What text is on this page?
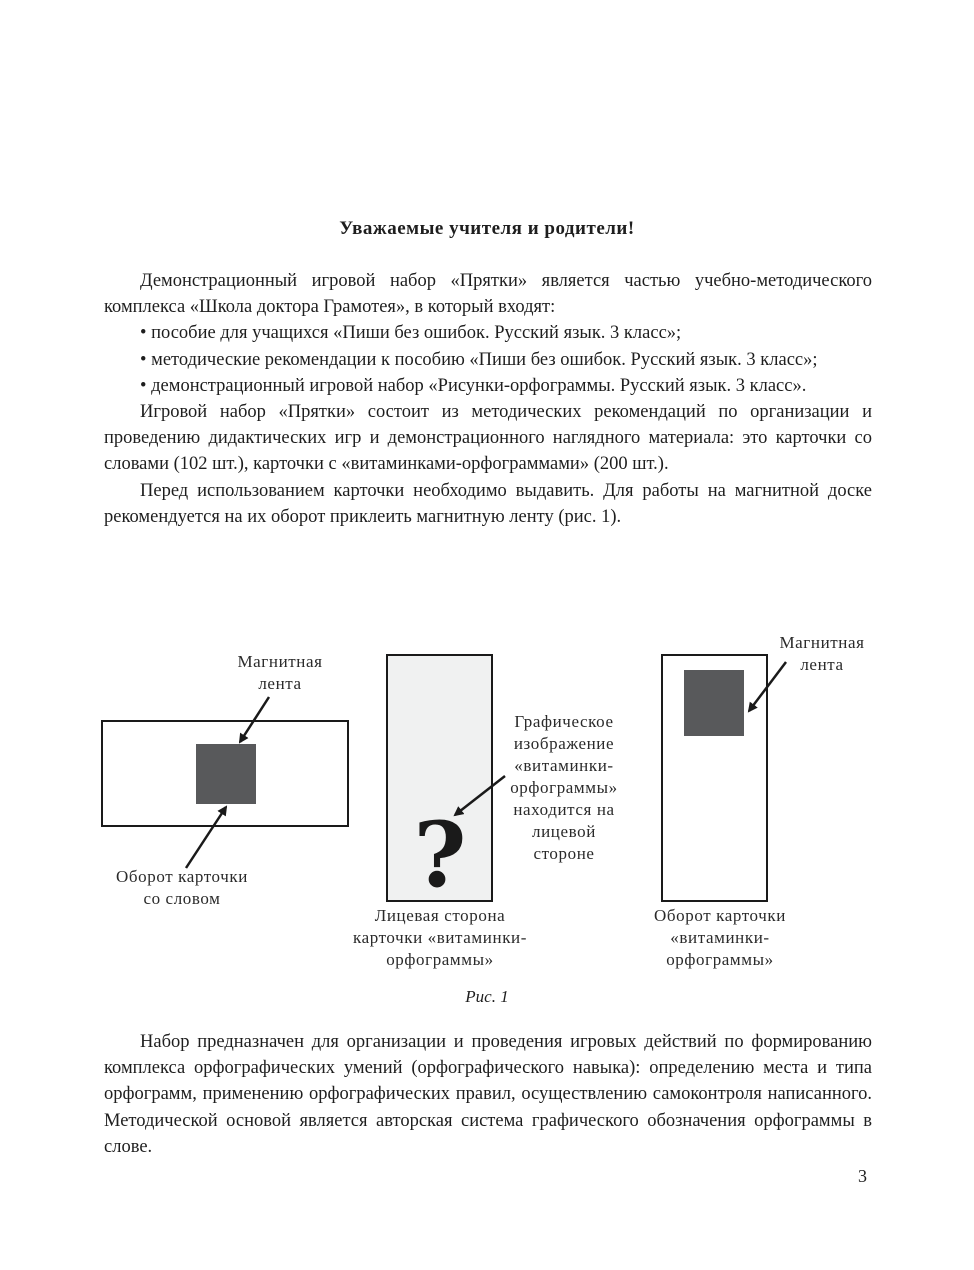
Уважаемые учителя и родители!

Демонстрационный игровой набор «Прятки» является частью учебно-методического комплекса «Школа доктора Грамотея», в который входят:

• пособие для учащихся «Пиши без ошибок. Русский язык. 3 класс»;

• методические рекомендации к пособию «Пиши без ошибок. Русский язык. 3 класс»;

• демонстрационный игровой набор «Рисунки-орфограммы. Русский язык. 3 класс».

Игровой набор «Прятки» состоит из методических рекомендаций по организации и проведению дидактических игр и демонстрационного наглядного материала: это карточки со словами (102 шт.), карточки с «витаминками-орфограммами» (200 шт.).

Перед использованием карточки необходимо выдавить. Для работы на магнитной доске рекомендуется на их оборот приклеить магнитную ленту (рис. 1).

?
Магнитная
лента
Оборот карточки
со словом
Графическое
изображение
«витаминки-
орфограммы»
находится на
лицевой
стороне
Лицевая сторона
карточки «витаминки-
орфограммы»
Магнитная
лента
Оборот карточки
«витаминки-
орфограммы»
Рис. 1

Набор предназначен для организации и проведения игровых действий по формированию комплекса орфографических умений (орфографического навыка): определению места и типа орфограмм, применению орфографических правил, осуществлению самоконтроля написанного. Методической основой является авторская система графического обозначения орфограммы в слове.

3
